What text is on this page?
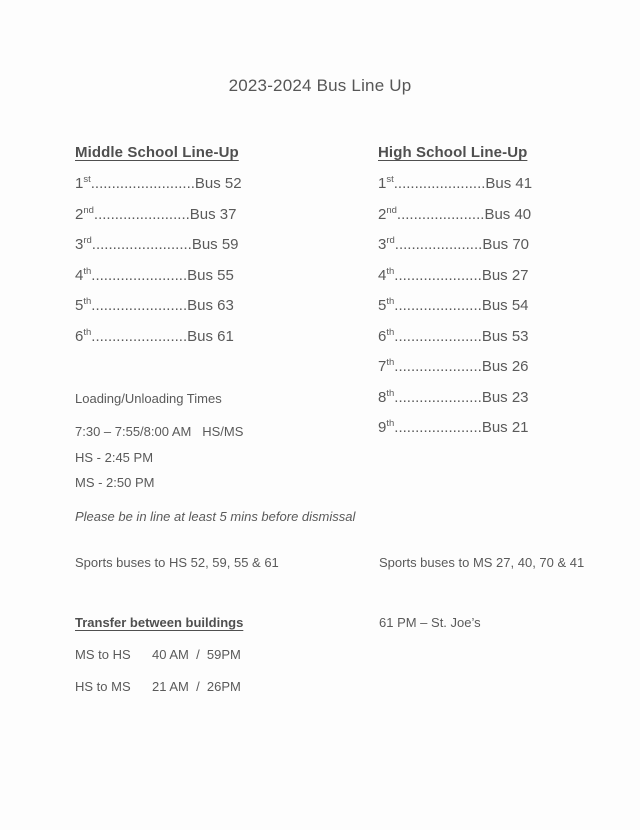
2023-2024 Bus Line Up
Middle School Line-Up
1st.........................Bus 52
2nd.......................Bus 37
3rd........................Bus 59
4th.......................Bus 55
5th.......................Bus 63
6th.......................Bus 61
High School Line-Up
1st......................Bus 41
2nd.....................Bus 40
3rd.....................Bus 70
4th.....................Bus 27
5th.....................Bus 54
6th.....................Bus 53
7th.....................Bus 26
8th.....................Bus 23
9th.....................Bus 21
Loading/Unloading Times
7:30 – 7:55/8:00 AM   HS/MS
HS - 2:45 PM
MS - 2:50 PM
Please be in line at least 5 mins before dismissal
Sports buses to HS 52, 59, 55 & 61	Sports buses to MS 27, 40, 70 & 41
Transfer between buildings
MS to HS 40 AM  /  59PM
HS to MS 21 AM  /  26PM
61 PM – St. Joe’s
